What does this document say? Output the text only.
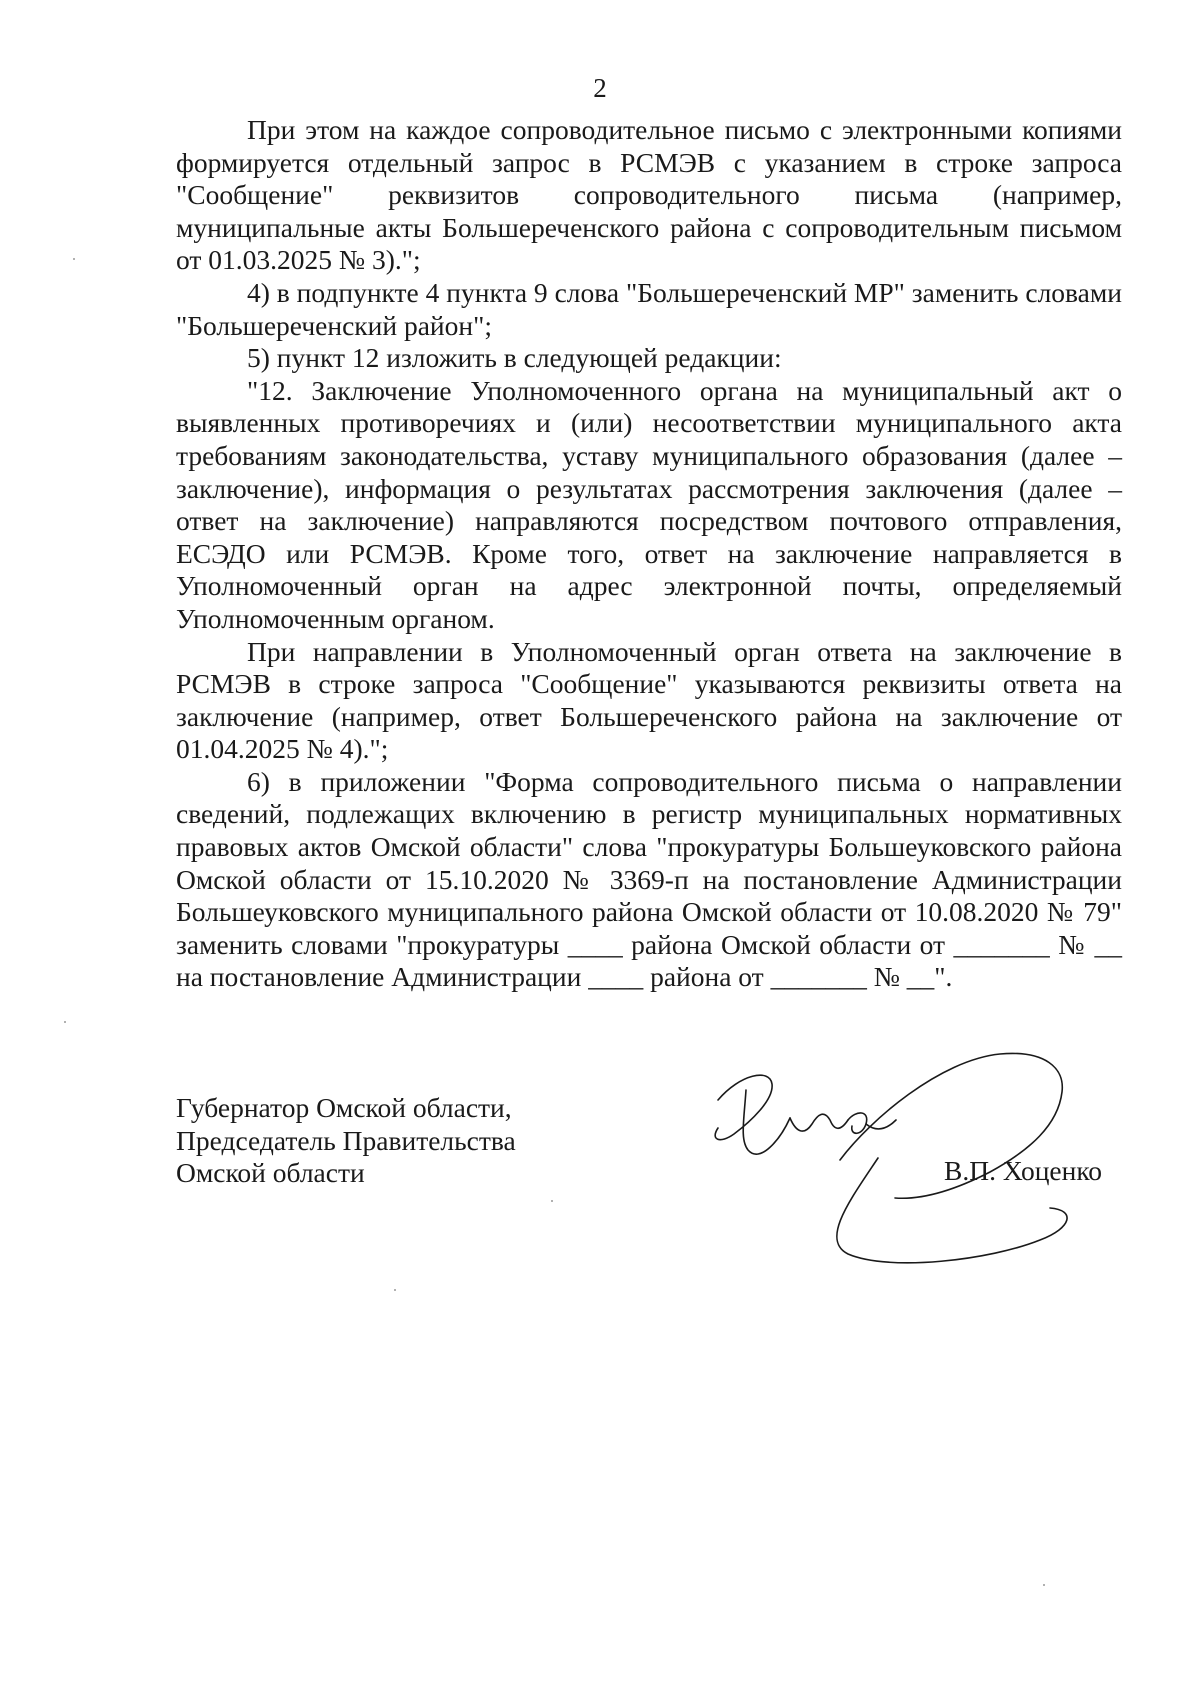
2

При этом на каждое сопроводительное письмо с электронными копиями формируется отдельный запрос в РСМЭВ с указанием в строке запроса "Сообщение" реквизитов сопроводительного письма (например, муниципальные акты Большереченского района с сопроводительным письмом от 01.03.2025 № 3).";

4) в подпункте 4 пункта 9 слова "Большереченский МР" заменить словами "Большереченский район";

5) пункт 12 изложить в следующей редакции:

"12. Заключение Уполномоченного органа на муниципальный акт о выявленных противоречиях и (или) несоответствии муниципального акта требованиям законодательства, уставу муниципального образования (далее – заключение), информация о результатах рассмотрения заключения (далее – ответ на заключение) направляются посредством почтового отправления, ЕСЭДО или РСМЭВ. Кроме того, ответ на заключение направляется в Уполномоченный орган на адрес электронной почты, определяемый Уполномоченным органом.

При направлении в Уполномоченный орган ответа на заключение в РСМЭВ в строке запроса "Сообщение" указываются реквизиты ответа на заключение (например, ответ Большереченского района на заключение от 01.04.2025 № 4).";

6) в приложении "Форма сопроводительного письма о направлении сведений, подлежащих включению в регистр муниципальных нормативных правовых актов Омской области" слова "прокуратуры Большеуковского района Омской области от 15.10.2020 № 3369-п на постановление Администрации Большеуковского муниципального района Омской области от 10.08.2020 № 79" заменить словами "прокуратуры ____ района Омской области от _______ № __ на постановление Администрации ____ района от _______ № __".

Губернатор Омской области,
Председатель Правительства
Омской области	В.П. Хоценко
